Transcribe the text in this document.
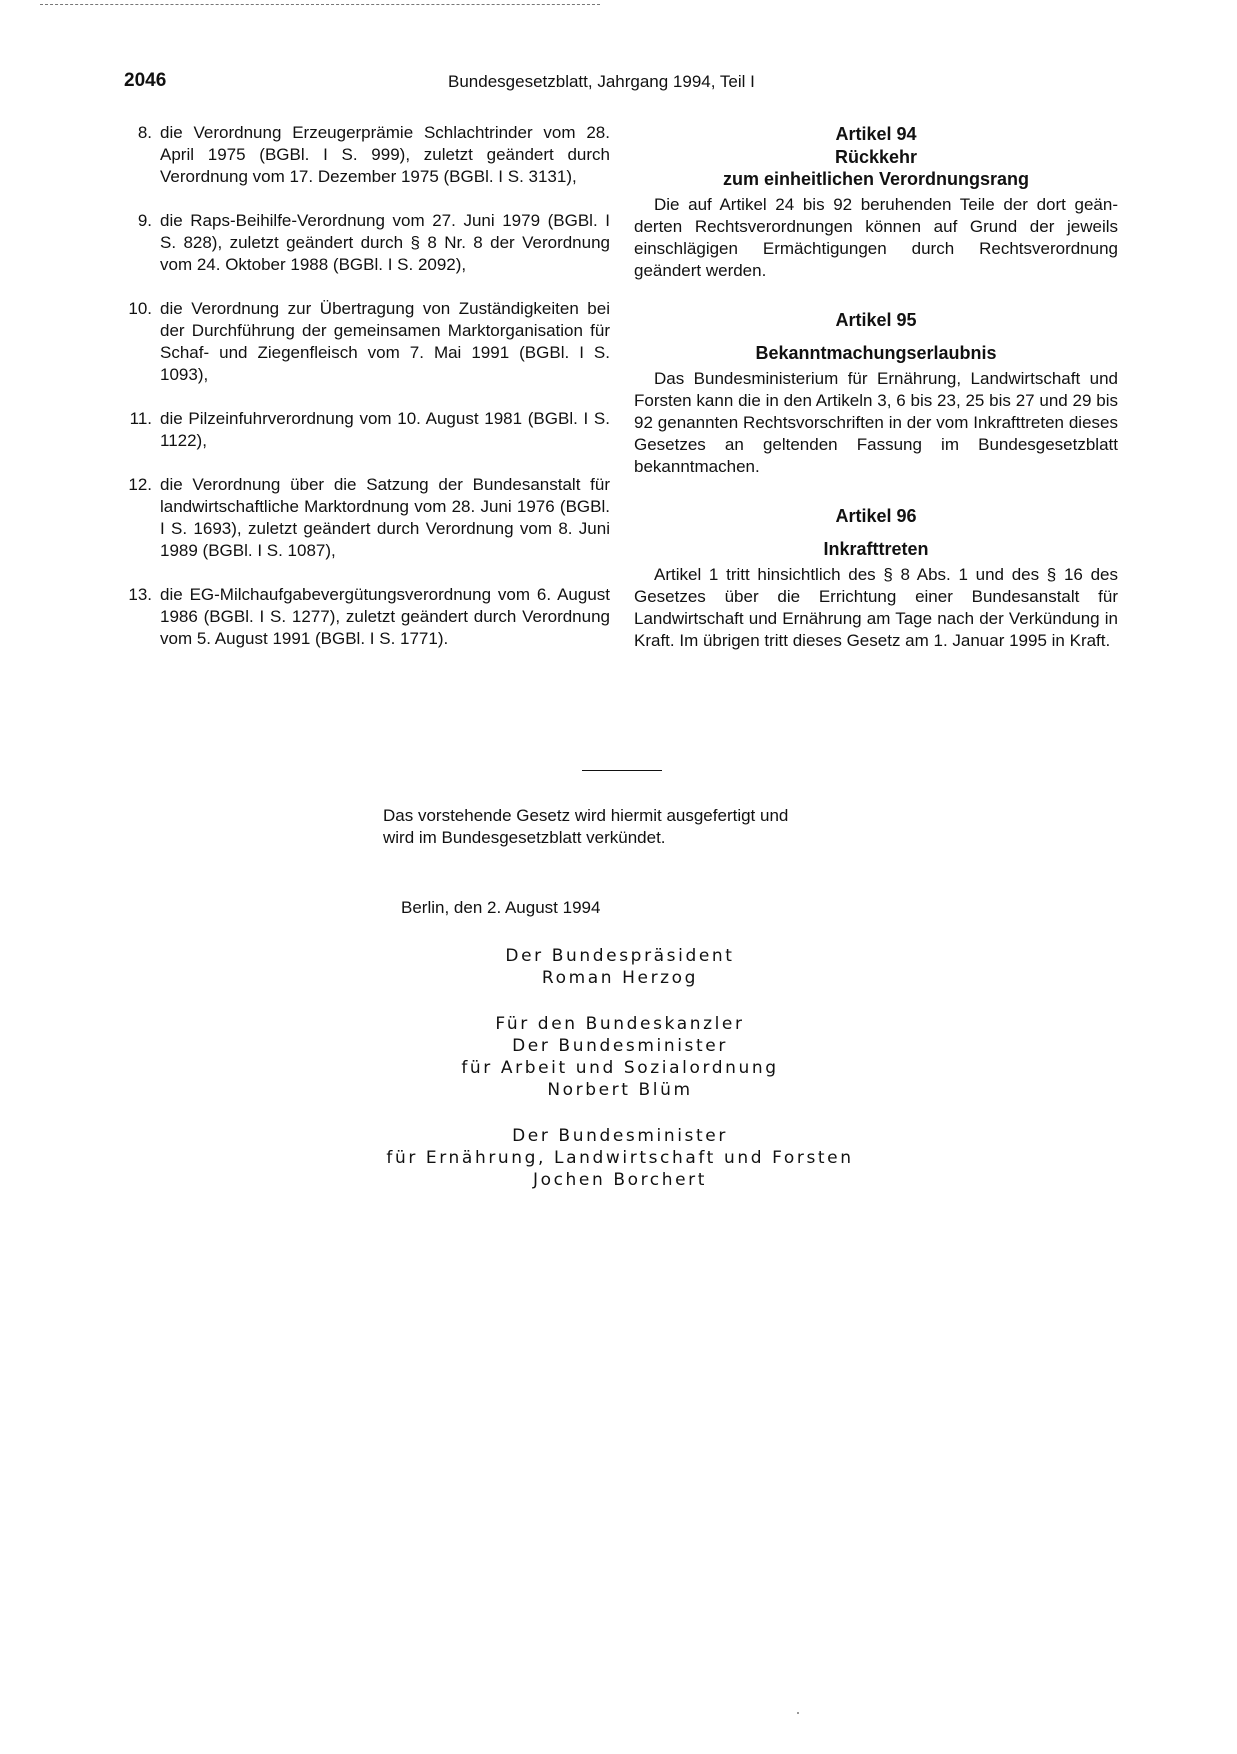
2046	Bundesgesetzblatt, Jahrgang 1994, Teil I
8. die Verordnung Erzeugerprämie Schlachtrinder vom 28. April 1975 (BGBl. I S. 999), zuletzt geändert durch Verordnung vom 17. Dezember 1975 (BGBl. I S. 3131),
9. die Raps-Beihilfe-Verordnung vom 27. Juni 1979 (BGBl. I S. 828), zuletzt geändert durch § 8 Nr. 8 der Verordnung vom 24. Oktober 1988 (BGBl. I S. 2092),
10. die Verordnung zur Übertragung von Zuständigkeiten bei der Durchführung der gemeinsamen Marktorganisation für Schaf- und Ziegenfleisch vom 7. Mai 1991 (BGBl. I S. 1093),
11. die Pilzeinfuhrverordnung vom 10. August 1981 (BGBl. I S. 1122),
12. die Verordnung über die Satzung der Bundesanstalt für landwirtschaftliche Marktordnung vom 28. Juni 1976 (BGBl. I S. 1693), zuletzt geändert durch Verordnung vom 8. Juni 1989 (BGBl. I S. 1087),
13. die EG-Milchaufgabevergütungsverordnung vom 6. August 1986 (BGBl. I S. 1277), zuletzt geändert durch Verordnung vom 5. August 1991 (BGBl. I S. 1771).
Artikel 94
Rückkehr
zum einheitlichen Verordnungsrang
Die auf Artikel 24 bis 92 beruhenden Teile der dort geänderten Rechtsverordnungen können auf Grund der jeweils einschlägigen Ermächtigungen durch Rechtsverordnung geändert werden.
Artikel 95
Bekanntmachungserlaubnis
Das Bundesministerium für Ernährung, Landwirtschaft und Forsten kann die in den Artikeln 3, 6 bis 23, 25 bis 27 und 29 bis 92 genannten Rechtsvorschriften in der vom Inkrafttreten dieses Gesetzes an geltenden Fassung im Bundesgesetzblatt bekanntmachen.
Artikel 96
Inkrafttreten
Artikel 1 tritt hinsichtlich des § 8 Abs. 1 und des § 16 des Gesetzes über die Errichtung einer Bundesanstalt für Landwirtschaft und Ernährung am Tage nach der Verkündung in Kraft. Im übrigen tritt dieses Gesetz am 1. Januar 1995 in Kraft.
Das vorstehende Gesetz wird hiermit ausgefertigt und
wird im Bundesgesetzblatt verkündet.
Berlin, den 2. August 1994
Der Bundespräsident
Roman Herzog
Für den Bundeskanzler
Der Bundesminister
für Arbeit und Sozialordnung
Norbert Blüm
Der Bundesminister
für Ernährung, Landwirtschaft und Forsten
Jochen Borchert
